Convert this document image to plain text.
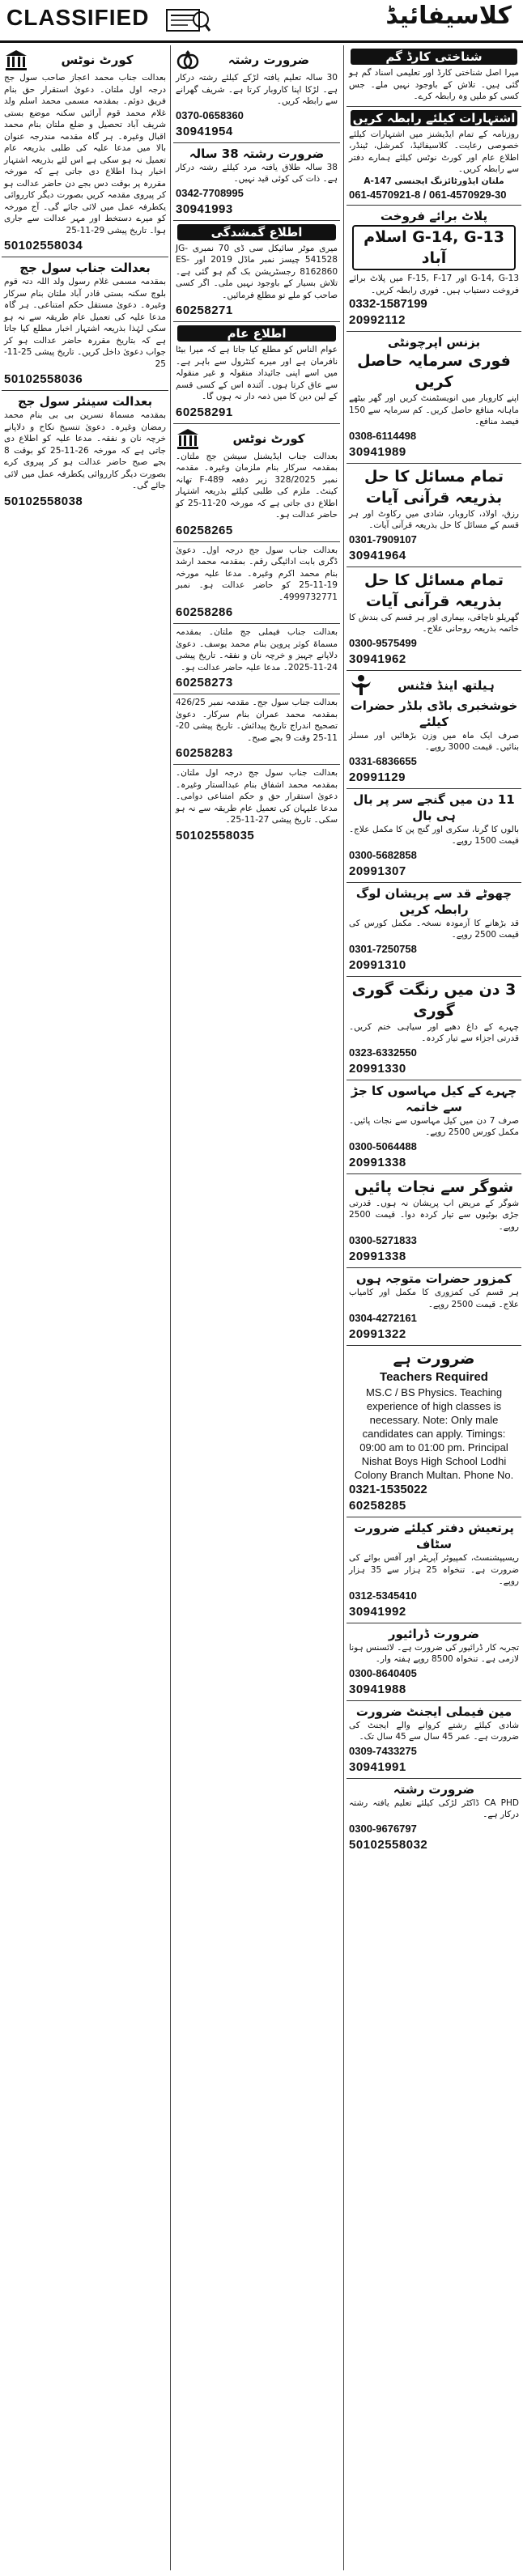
CLASSIFIED	کلاسیفائیڈ
کورٹ نوٹس
بعدالت جناب محمد اعجاز صاحب سول جج درجہ اول ملتان۔ دعویٰ استقرار حق بنام فریق دوئم۔ بمقدمہ مسمی محمد اسلم ولد غلام محمد قوم آرائیں سکنہ موضع بستی شریف آباد تحصیل و ضلع ملتان بنام محمد اقبال وغیرہ۔ ہر گاہ مقدمہ مندرجہ عنوان بالا میں مدعا علیہ کی طلبی بذریعہ عام تعمیل نہ ہو سکی ہے اس لئے بذریعہ اشتہار اخبار ہذا اطلاع دی جاتی ہے کہ مورخہ مقررہ پر بوقت دس بجے دن حاضر عدالت ہو کر پیروی مقدمہ کریں بصورت دیگر کارروائی یکطرفہ عمل میں لائی جائے گی۔ آج مورخہ کو میرے دستخط اور مہر عدالت سے جاری ہوا۔ تاریخ پیشی 29-11-25
50102558034
بعدالت جناب سول جج
بمقدمہ مسمی غلام رسول ولد اللہ دتہ قوم بلوچ سکنہ بستی قادر آباد ملتان بنام سرکار وغیرہ۔ دعویٰ مستقل حکم امتناعی۔ ہر گاہ مدعا علیہ کی تعمیل عام طریقہ سے نہ ہو سکی لہٰذا بذریعہ اشتہار اخبار مطلع کیا جاتا ہے کہ بتاریخ مقررہ حاضر عدالت ہو کر جواب دعویٰ داخل کریں۔ تاریخ پیشی 25-11-25
50102558036
بعدالت سینئر سول جج
بمقدمہ مسماۃ نسرین بی بی بنام محمد رمضان وغیرہ۔ دعویٰ تنسیخ نکاح و دلاپانے خرچہ نان و نفقہ۔ مدعا علیہ کو اطلاع دی جاتی ہے کہ مورخہ 26-11-25 کو بوقت 8 بجے صبح حاضر عدالت ہو کر پیروی کرے بصورت دیگر کارروائی یکطرفہ عمل میں لائی جائے گی۔
50102558038
ضرورت رشتہ
30 سالہ تعلیم یافتہ لڑکے کیلئے رشتہ درکار ہے۔ لڑکا اپنا کاروبار کرتا ہے۔ شریف گھرانے سے رابطہ کریں۔
0370-0658360
30941954
ضرورت رشتہ 38 سالہ
38 سالہ طلاق یافتہ مرد کیلئے رشتہ درکار ہے۔ ذات کی کوئی قید نہیں۔
0342-7708995
30941993
اطلاع گمشدگی
میری موٹر سائیکل سی ڈی 70 نمبری JG-541528 چیسز نمبر ماڈل 2019 اور ES-8162860 رجسٹریشن بک گم ہو گئی ہے۔ تلاش بسیار کے باوجود نہیں ملی۔ اگر کسی صاحب کو ملے تو مطلع فرمائیں۔
60258271
اطلاع عام
عوام الناس کو مطلع کیا جاتا ہے کہ میرا بیٹا نافرمان ہے اور میرے کنٹرول سے باہر ہے۔ میں اسے اپنی جائیداد منقولہ و غیر منقولہ سے عاق کرتا ہوں۔ آئندہ اس کے کسی قسم کے لین دین کا میں ذمہ دار نہ ہوں گا۔
60258291
کورٹ نوٹس
بعدالت جناب ایڈیشنل سیشن جج ملتان۔ بمقدمہ سرکار بنام ملزمان وغیرہ۔ مقدمہ نمبر 328/2025 زیر دفعہ 489-F تھانہ کینٹ۔ ملزم کی طلبی کیلئے بذریعہ اشتہار اطلاع دی جاتی ہے کہ مورخہ 20-11-25 کو حاضر عدالت ہو۔
60258265
بعدالت جناب سول جج درجہ اول۔ دعویٰ ڈگری بابت ادائیگی رقم۔ بمقدمہ محمد ارشد بنام محمد اکرم وغیرہ۔ مدعا علیہ مورخہ 19-11-25 کو حاضر عدالت ہو۔ نمبر 4999732771۔
60258286
بعدالت جناب فیملی جج ملتان۔ بمقدمہ مسماۃ کوثر پروین بنام محمد یوسف۔ دعویٰ دلاپانے جہیز و خرچہ نان و نفقہ۔ تاریخ پیشی 24-11-2025۔ مدعا علیہ حاضر عدالت ہو۔
60258273
بعدالت جناب سول جج۔ مقدمہ نمبر 426/25 بمقدمہ محمد عمران بنام سرکار۔ دعویٰ تصحیح اندراج تاریخ پیدائش۔ تاریخ پیشی 20-11-25 وقت 9 بجے صبح۔
60258283
بعدالت جناب سول جج درجہ اول ملتان۔ بمقدمہ محمد اشفاق بنام عبدالستار وغیرہ۔ دعویٰ استقرار حق و حکم امتناعی دوامی۔ مدعا علیہان کی تعمیل عام طریقہ سے نہ ہو سکی۔ تاریخ پیشی 27-11-25۔
50102558035
شناختی کارڈ گم
میرا اصل شناختی کارڈ اور تعلیمی اسناد گم ہو گئی ہیں۔ تلاش کے باوجود نہیں ملے۔ جس کسی کو ملیں وہ رابطہ کرے۔
اشتہارات کیلئے رابطہ کریں
روزنامہ کے تمام ایڈیشنز میں اشتہارات کیلئے خصوصی رعایت۔ کلاسیفائیڈ، کمرشل، ٹینڈر، اطلاع عام اور کورٹ نوٹس کیلئے ہمارے دفتر سے رابطہ کریں۔
ملتان ایڈورٹائزنگ ایجنسی 147-A
061-4570921-8 / 061-4570929-30
پلاٹ برائے فروخت
G-14, G-13 اسلام آباد
G-14, G-13 اور F-15, F-17 میں پلاٹ برائے فروخت دستیاب ہیں۔ فوری رابطہ کریں۔
0332-1587199
20992112
بزنس اپرچونٹی
فوری سرمایہ حاصل کریں
اپنے کاروبار میں انویسٹمنٹ کریں اور گھر بیٹھے ماہانہ منافع حاصل کریں۔ کم سرمایہ سے 150 فیصد منافع۔
0308-6114498
30941989
تمام مسائل کا حل بذریعہ قرآنی آیات
رزق، اولاد، کاروبار، شادی میں رکاوٹ اور ہر قسم کے مسائل کا حل بذریعہ قرآنی آیات۔
0301-7909107
30941964
تمام مسائل کا حل بذریعہ قرآنی آیات
گھریلو ناچاقی، بیماری اور ہر قسم کی بندش کا خاتمہ بذریعہ روحانی علاج۔
0300-9575499
30941962
ہیلتھ اینڈ فٹنس
خوشخبری باڈی بلڈر حضرات کیلئے
صرف ایک ماہ میں وزن بڑھائیں اور مسلز بنائیں۔ قیمت 3000 روپے۔
0331-6836655
20991129
11 دن میں گنجے سر پر بال ہی بال
بالوں کا گرنا، سکری اور گنج پن کا مکمل علاج۔ قیمت 1500 روپے۔
0300-5682858
20991307
چھوٹے قد سے پریشان لوگ رابطہ کریں
قد بڑھانے کا آزمودہ نسخہ۔ مکمل کورس کی قیمت 2500 روپے۔
0301-7250758
20991310
3 دن میں رنگت گوری گوری
چہرے کے داغ دھبے اور سیاہی ختم کریں۔ قدرتی اجزاء سے تیار کردہ۔
0323-6332550
20991330
چہرے کے کیل مہاسوں کا جڑ سے خاتمہ
صرف 7 دن میں کیل مہاسوں سے نجات پائیں۔ مکمل کورس 2500 روپے۔
0300-5064488
20991338
شوگر سے نجات پائیں
شوگر کے مریض اب پریشان نہ ہوں۔ قدرتی جڑی بوٹیوں سے تیار کردہ دوا۔ قیمت 2500 روپے۔
0300-5271833
20991338
کمزور حضرات متوجہ ہوں
ہر قسم کی کمزوری کا مکمل اور کامیاب علاج۔ قیمت 2500 روپے۔
0304-4272161
20991322
ضرورت ہے
Teachers Required
MS.C / BS Physics. Teaching experience of high classes is necessary. Note: Only male candidates can apply. Timings: 09:00 am to 01:00 pm. Principal Nishat Boys High School Lodhi Colony Branch Multan. Phone No.
0321-1535022
60258285
پرتعیش دفتر کیلئے ضرورت سٹاف
ریسیپشنسٹ، کمپیوٹر آپریٹر اور آفس بوائے کی ضرورت ہے۔ تنخواہ 25 ہزار سے 35 ہزار روپے۔
0312-5345410
30941992
ضرورت ڈرائیور
تجربہ کار ڈرائیور کی ضرورت ہے۔ لائسنس ہونا لازمی ہے۔ تنخواہ 8500 روپے ہفتہ وار۔
0300-8640405
30941988
مین فیملی ایجنٹ ضرورت
شادی کیلئے رشتے کروانے والے ایجنٹ کی ضرورت ہے۔ عمر 45 سال سے 45 سال تک۔
0309-7433275
30941991
ضرورت رشتہ
CA PHD ڈاکٹر لڑکی کیلئے تعلیم یافتہ رشتہ درکار ہے۔
0300-9676797
50102558032
